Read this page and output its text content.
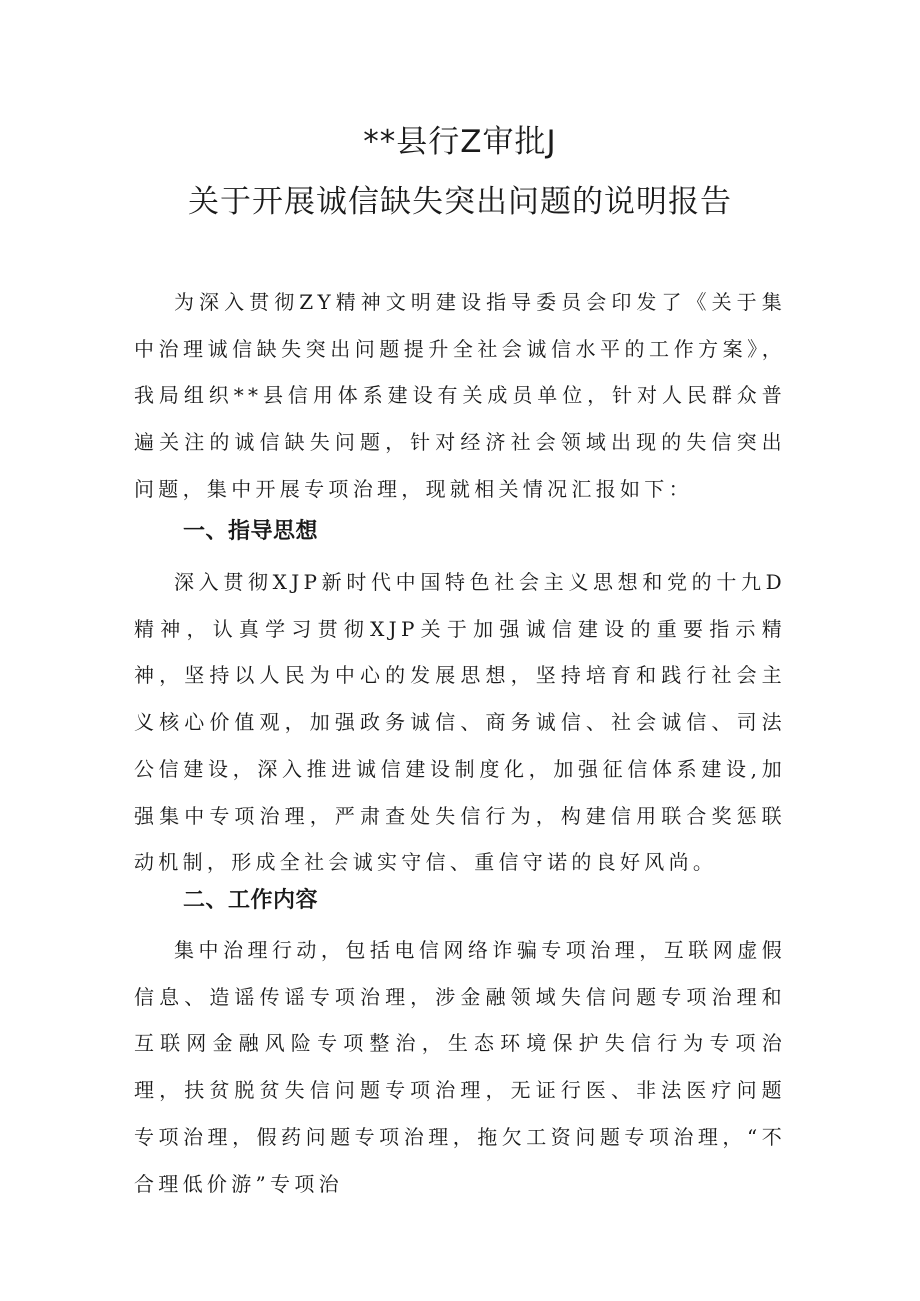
**县行Z审批J
关于开展诚信缺失突出问题的说明报告

为深入贯彻ZY精神文明建设指导委员会印发了《关于集中治理诚信缺失突出问题提升全社会诚信水平的工作方案》，我局组织**县信用体系建设有关成员单位，针对人民群众普遍关注的诚信缺失问题，针对经济社会领域出现的失信突出问题，集中开展专项治理，现就相关情况汇报如下：

一、指导思想

深入贯彻XJP新时代中国特色社会主义思想和党的十九D精神，认真学习贯彻XJP关于加强诚信建设的重要指示精神，坚持以人民为中心的发展思想，坚持培育和践行社会主义核心价值观，加强政务诚信、商务诚信、社会诚信、司法公信建设，深入推进诚信建设制度化，加强征信体系建设,加强集中专项治理，严肃查处失信行为，构建信用联合奖惩联动机制，形成全社会诚实守信、重信守诺的良好风尚。

二、工作内容

集中治理行动，包括电信网络诈骗专项治理，互联网虚假信息、造谣传谣专项治理，涉金融领域失信问题专项治理和互联网金融风险专项整治，生态环境保护失信行为专项治理，扶贫脱贫失信问题专项治理，无证行医、非法医疗问题专项治理，假药问题专项治理，拖欠工资问题专项治理，“不合理低价游”专项治
